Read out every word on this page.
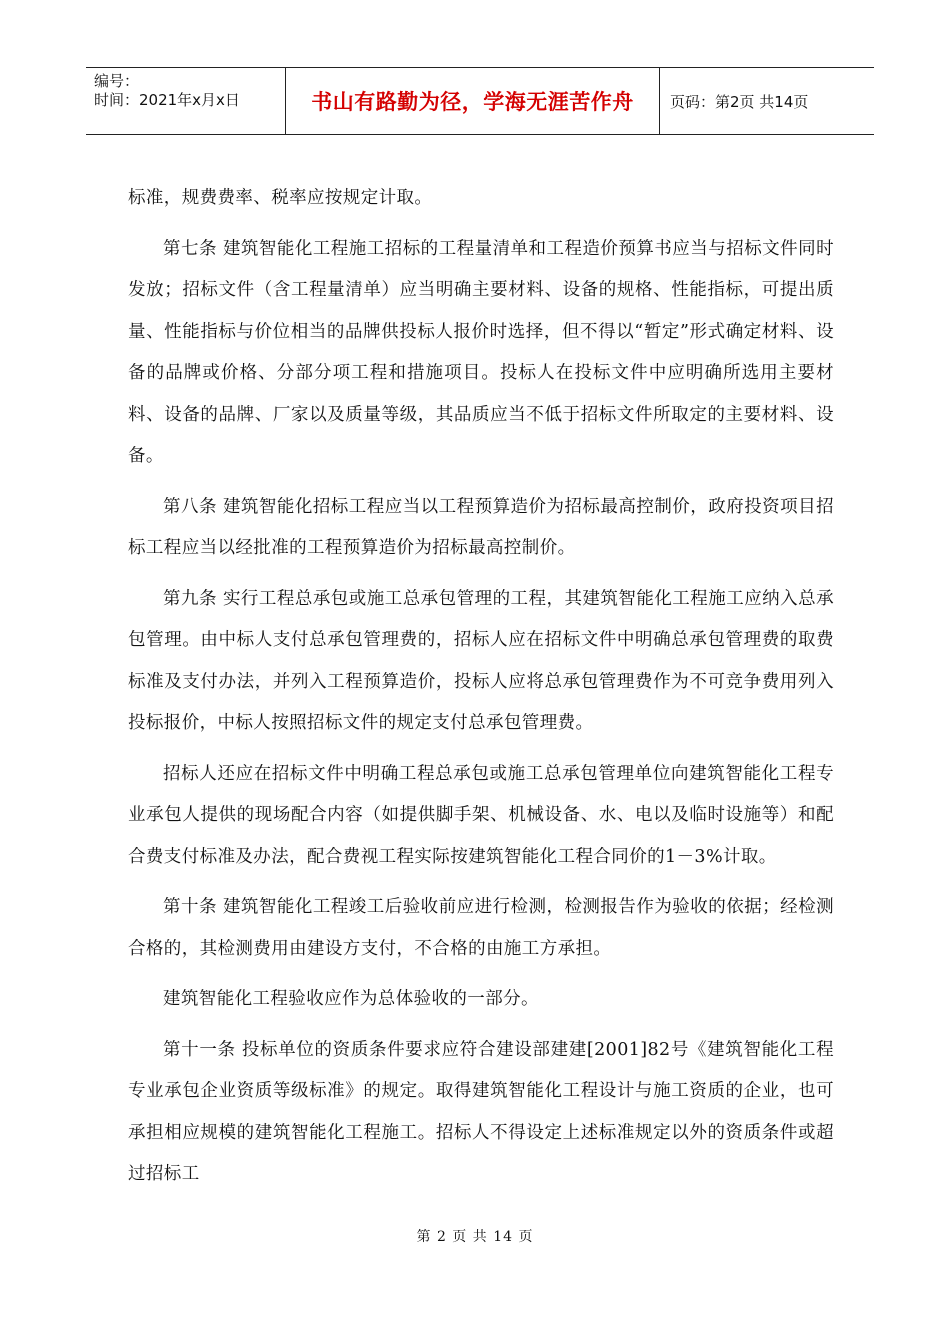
编号：
时间：2021年x月x日	书山有路勤为径，学海无涯苦作舟	页码：第2页 共14页

标准，规费费率、税率应按规定计取。

第七条 建筑智能化工程施工招标的工程量清单和工程造价预算书应当与招标文件同时发放；招标文件（含工程量清单）应当明确主要材料、设备的规格、性能指标，可提出质量、性能指标与价位相当的品牌供投标人报价时选择，但不得以“暂定”形式确定材料、设备的品牌或价格、分部分项工程和措施项目。投标人在投标文件中应明确所选用主要材料、设备的品牌、厂家以及质量等级，其品质应当不低于招标文件所取定的主要材料、设备。

第八条 建筑智能化招标工程应当以工程预算造价为招标最高控制价，政府投资项目招标工程应当以经批准的工程预算造价为招标最高控制价。

第九条 实行工程总承包或施工总承包管理的工程，其建筑智能化工程施工应纳入总承包管理。由中标人支付总承包管理费的，招标人应在招标文件中明确总承包管理费的取费标准及支付办法，并列入工程预算造价，投标人应将总承包管理费作为不可竞争费用列入投标报价，中标人按照招标文件的规定支付总承包管理费。

招标人还应在招标文件中明确工程总承包或施工总承包管理单位向建筑智能化工程专业承包人提供的现场配合内容（如提供脚手架、机械设备、水、电以及临时设施等）和配合费支付标准及办法，配合费视工程实际按建筑智能化工程合同价的1－3%计取。

第十条 建筑智能化工程竣工后验收前应进行检测，检测报告作为验收的依据；经检测合格的，其检测费用由建设方支付，不合格的由施工方承担。

建筑智能化工程验收应作为总体验收的一部分。

第十一条 投标单位的资质条件要求应符合建设部建建[2001]82号《建筑智能化工程专业承包企业资质等级标准》的规定。取得建筑智能化工程设计与施工资质的企业，也可承担相应规模的建筑智能化工程施工。招标人不得设定上述标准规定以外的资质条件或超过招标工

第 2 页 共 14 页
